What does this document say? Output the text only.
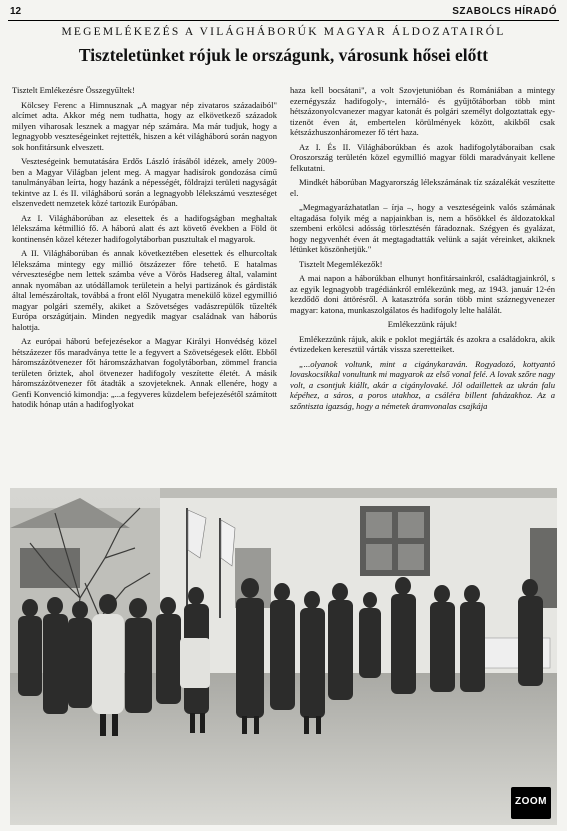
12	SZABOLCS HÍRADÓ
MEGEMLÉKEZÉS A VILÁGHÁBORÚK MAGYAR ÁLDOZATAIRÓL
Tiszteletünket rójuk le országunk, városunk hősei előtt

Tisztelt Emlékezésre Összegyűltek!

Kölcsey Ferenc a Himnusznak „A magyar nép zivataros századaiból" alcímet adta. Akkor még nem tudhatta, hogy az elkövetkező századok milyen viharosak lesznek a magyar nép számára. Ma már tudjuk, hogy a legnagyobb veszteségeinket rejtették, hiszen a két világháború során nagyon sok honfitársunk elveszett.

Veszteségeink bemutatására Erdős László írásából idézek, amely 2009-ben a Magyar Világban jelent meg. A magyar hadisírok gondozása című tanulmányában leírta, hogy hazánk a népességét, földrajzi területi nagyságát tekintve az I. és II. világháború során a legnagyobb lélekszámú veszteséget elszenvedett nemzetek közé tartozik Európában.

Az I. Világháborúban az elesettek és a hadifogságban meghaltak lélekszáma kétmillió fő. A háború alatt és azt követő években a Föld öt kontinensén közel kétezer hadifogolytáborban pusztultak el magyarok.

A II. Világháborúban és annak következtében elesettek és elhurcoltak lélekszáma mintegy egy millió ötszázezer főre tehető. E hatalmas vérveszteségbe nem lettek számba véve a Vörös Hadsereg által, valamint annak nyomában az utódállamok területein a helyi partizánok és gárdisták által lemészároltak, továbbá a front elől Nyugatra menekülő közel egymillió magyar polgári személy, akiket a Szövetséges vadászrepülők tűzelték Európa országútjain. Minden negyedik magyar családnak van háborús halottja.

Az európai háború befejezésekor a Magyar Királyi Honvédség közel hétszázezer fős maradványa tette le a fegyvert a Szövetségesek előtt. Ebből háromszázötvenezer főt háromszázhatvan fogolytáborban, zömmel francia területen őriztek, ahol ötvenezer hadifogoly veszítette életét. A másik háromszázötvenezer főt átadták a szovjeteknek. Annak ellenére, hogy a Genfi Konvenció kimondja: „...a fegyveres küzdelem befejezésétől számított hatodik hónap után a hadifoglyokat

haza kell bocsátani", a volt Szovjetunióban és Romániában a mintegy ezernégyszáz hadifogoly-, internáló- és gyűjtőtáborban több mint hétszázonyolcvanezer magyar katonát és polgári személyt dolgoztattak egy-tizenöt éven át, embertelen körülmények között, akikből csak kétszázhuszonháromezer fő tért haza.

Az I. És II. Világháborúkban és azok hadifogolytáboraiban csak Oroszország területén közel egymillió magyar földi maradványait kellene felkutatni.

Mindkét háborúban Magyarország lélekszámának tíz százalékát veszítette el.

„Megmagyarázhatatlan – írja –, hogy a veszteségeink valós számának eltagadása folyik még a napjainkban is, nem a hősökkel és áldozatokkal szembeni erkölcsi adósság törlesztésén fáradoznak. Szégyen és gyalázat, hogy negyvenhét éven át megtagadtatták velünk a saját véreinket, akiknek létünket köszönhetjük."

Tisztelt Megemlékezők!

A mai napon a háborúkban elhunyt honfitársainkról, családtagjainkról, s az egyik legnagyobb tragédiánkról emlékezünk meg, az 1943. január 12-én kezdődő doni áttörésről. A katasztrófa során több mint száznegyvenezer magyar: katona, munkaszolgálatos és hadifogoly lelte halálát.

Emlékezzünk rájuk!

Emlékezzünk rájuk, akik e poklot megjárták és azokra a családokra, akik évtizedeken keresztül várták vissza szeretteiket.

„...olyanok voltunk, mint a cigánykaraván. Rogyadozó, kottyantó lovaskocsikkal vonultunk mi magyarok az első vonal felé. A lovak szőre nagy volt, a csontjuk kiállt, akár a cigánylovaké. Jól odaillettek az ukrán falu képéhez, a sáros, a poros utakhoz, a csáléra billent faházakhoz. Az a szőntiszta igazság, hogy a németek áramvonalas csajkája

ZOOM
